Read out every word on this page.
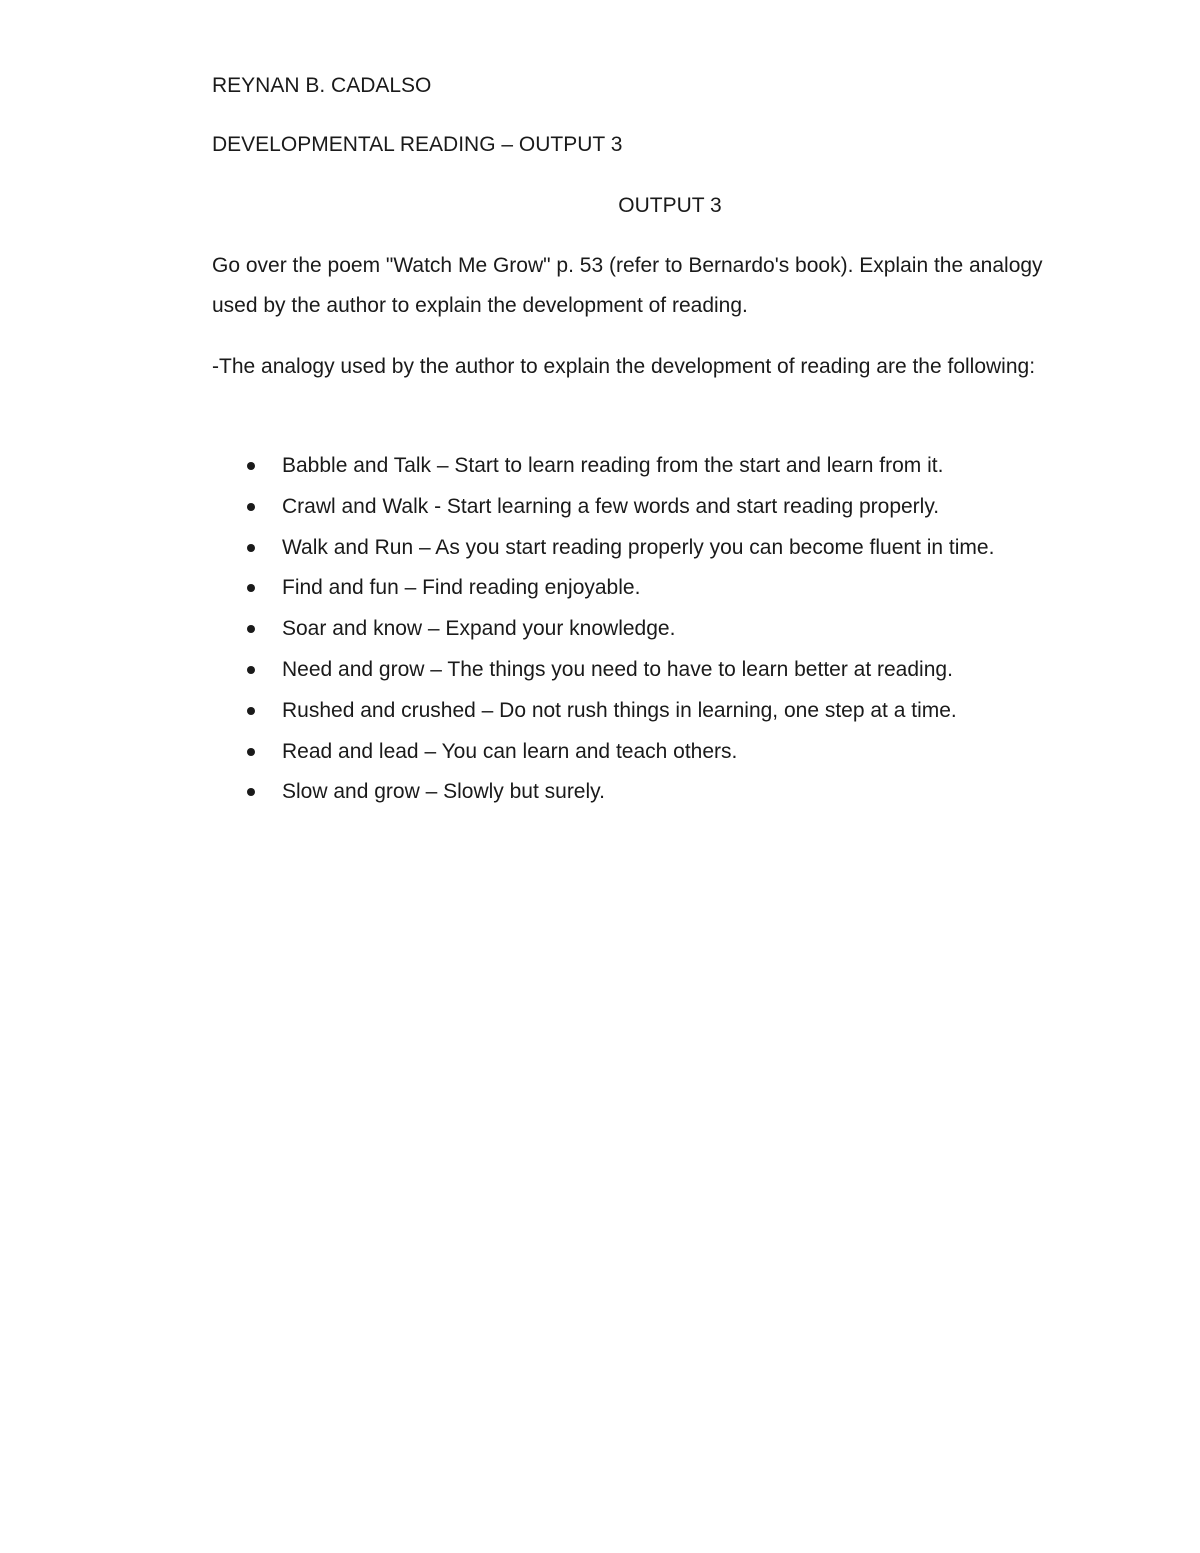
REYNAN B. CADALSO
DEVELOPMENTAL READING – OUTPUT 3
OUTPUT 3
Go over the poem "Watch Me Grow" p. 53 (refer to Bernardo's book). Explain the analogy used by the author to explain the development of reading.
-The analogy used by the author to explain the development of reading are the following:
Babble and Talk – Start to learn reading from the start and learn from it.
Crawl and Walk - Start learning a few words and start reading properly.
Walk and Run – As you start reading properly you can become fluent in time.
Find and fun – Find reading enjoyable.
Soar and know – Expand your knowledge.
Need and grow – The things you need to have to learn better at reading.
Rushed and crushed – Do not rush things in learning, one step at a time.
Read and lead – You can learn and teach others.
Slow and grow – Slowly but surely.
